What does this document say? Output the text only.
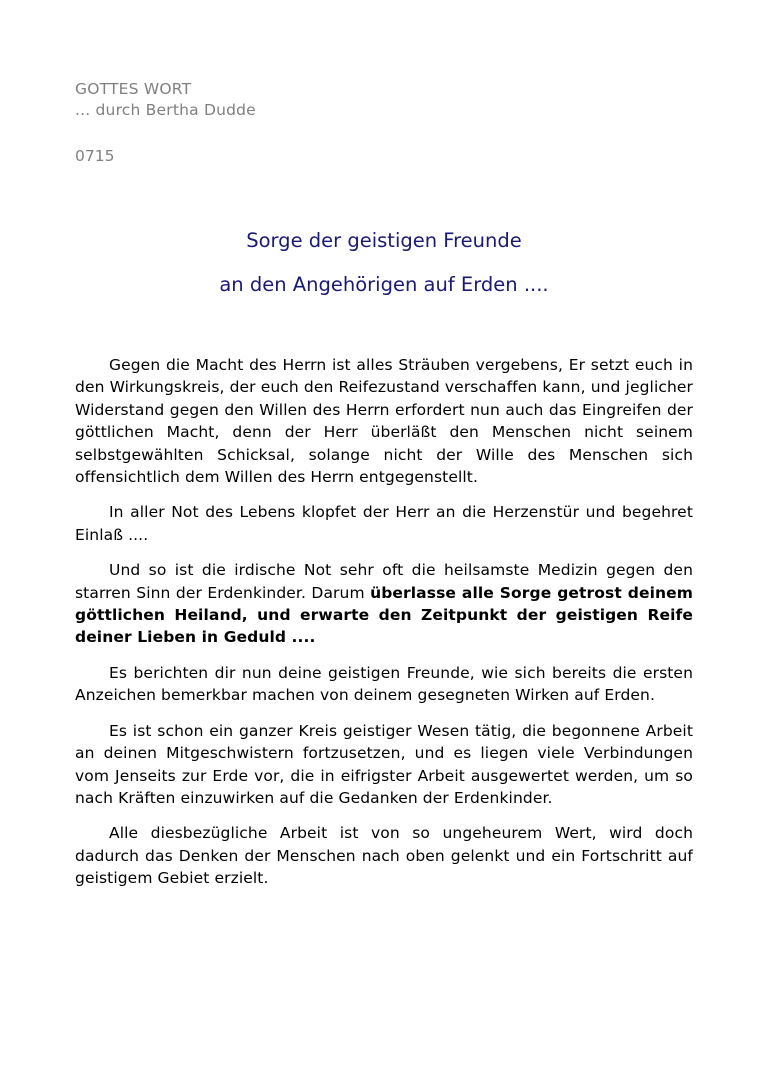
GOTTES WORT
... durch Bertha Dudde
0715
Sorge der geistigen Freunde
an den Angehörigen auf Erden ....

Gegen die Macht des Herrn ist alles Sträuben vergebens, Er setzt euch in den Wirkungskreis, der euch den Reifezustand verschaffen kann, und jeglicher Widerstand gegen den Willen des Herrn erfordert nun auch das Eingreifen der göttlichen Macht, denn der Herr überläßt den Menschen nicht seinem selbstgewählten Schicksal, solange nicht der Wille des Menschen sich offensichtlich dem Willen des Herrn entgegenstellt.

In aller Not des Lebens klopfet der Herr an die Herzenstür und begehret Einlaß ....

Und so ist die irdische Not sehr oft die heilsamste Medizin gegen den starren Sinn der Erdenkinder. Darum überlasse alle Sorge getrost deinem göttlichen Heiland, und erwarte den Zeitpunkt der geistigen Reife deiner Lieben in Geduld ....

Es berichten dir nun deine geistigen Freunde, wie sich bereits die ersten Anzeichen bemerkbar machen von deinem gesegneten Wirken auf Erden.

Es ist schon ein ganzer Kreis geistiger Wesen tätig, die begonnene Arbeit an deinen Mitgeschwistern fortzusetzen, und es liegen viele Verbindungen vom Jenseits zur Erde vor, die in eifrigster Arbeit ausgewertet werden, um so nach Kräften einzuwirken auf die Gedanken der Erdenkinder.

Alle diesbezügliche Arbeit ist von so ungeheurem Wert, wird doch dadurch das Denken der Menschen nach oben gelenkt und ein Fortschritt auf geistigem Gebiet erzielt.
